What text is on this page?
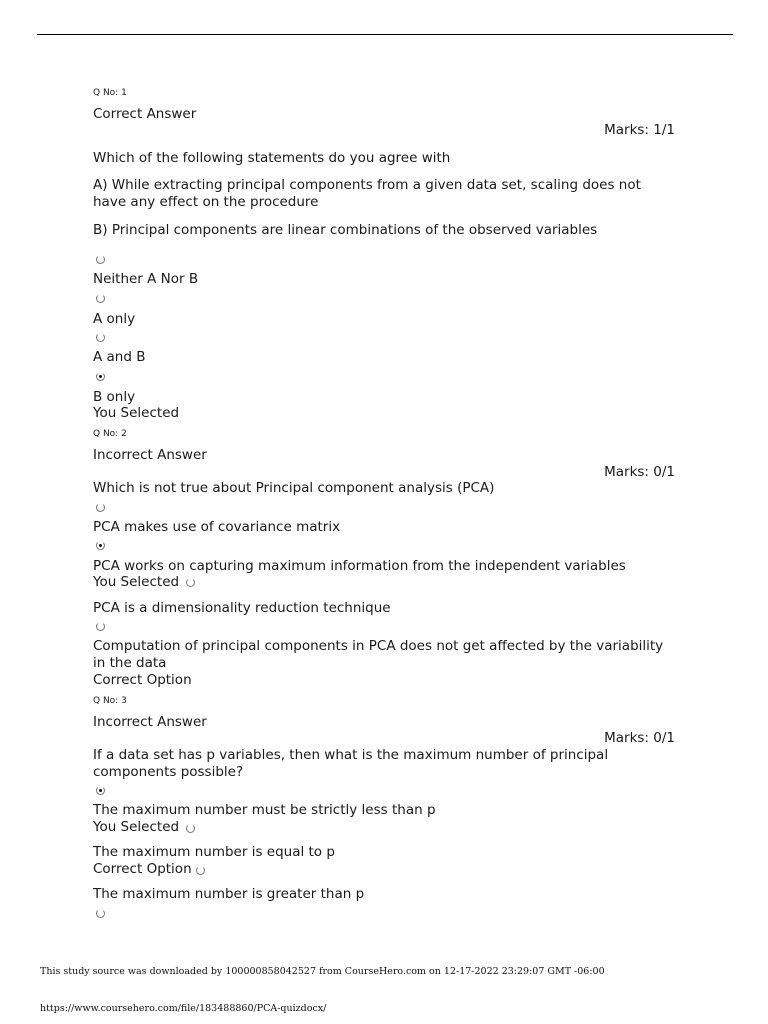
Q No: 1
Correct Answer
Marks: 1/1
Which of the following statements do you agree with
A) While extracting principal components from a given data set, scaling does not have any effect on the procedure
B) Principal components are linear combinations of the observed variables
Neither A Nor B
A only
A and B
B only
You Selected
Q No: 2
Incorrect Answer
Marks: 0/1
Which is not true about Principal component analysis (PCA)
PCA makes use of covariance matrix
PCA works on capturing maximum information from the independent variables
You Selected
PCA is a dimensionality reduction technique
Computation of principal components in PCA does not get affected by the variability in the data
Correct Option
Q No: 3
Incorrect Answer
Marks: 0/1
If a data set has p variables, then what is the maximum number of principal components possible?
The maximum number must be strictly less than p
You Selected
The maximum number is equal to p
Correct Option
The maximum number is greater than p
This study source was downloaded by 100000858042527 from CourseHero.com on 12-17-2022 23:29:07 GMT -06:00
https://www.coursehero.com/file/183488860/PCA-quizdocx/
